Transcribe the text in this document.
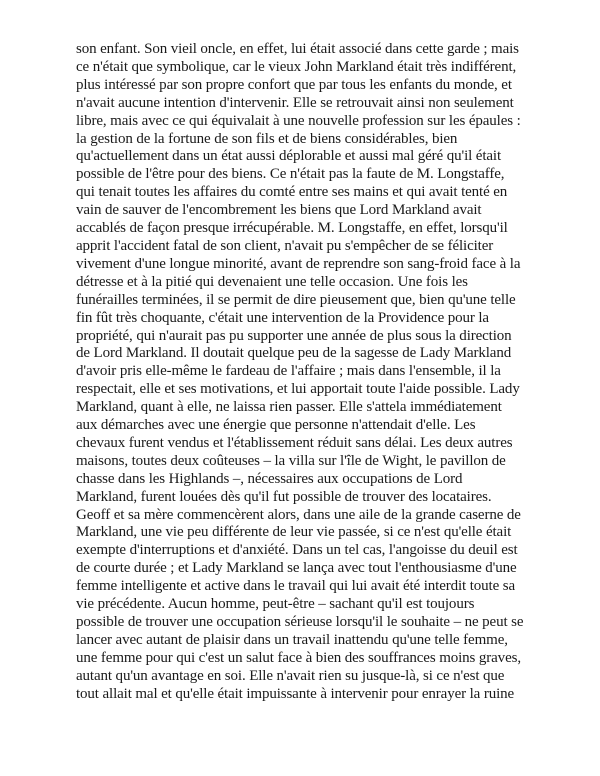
son enfant. Son vieil oncle, en effet, lui était associé dans cette garde ; mais
ce n'était que symbolique, car le vieux John Markland était très indifférent,
plus intéressé par son propre confort que par tous les enfants du monde, et
n'avait aucune intention d'intervenir. Elle se retrouvait ainsi non seulement
libre, mais avec ce qui équivalait à une nouvelle profession sur les épaules :
la gestion de la fortune de son fils et de biens considérables, bien
qu'actuellement dans un état aussi déplorable et aussi mal géré qu'il était
possible de l'être pour des biens. Ce n'était pas la faute de M. Longstaffe,
qui tenait toutes les affaires du comté entre ses mains et qui avait tenté en
vain de sauver de l'encombrement les biens que Lord Markland avait
accablés de façon presque irrécupérable. M. Longstaffe, en effet, lorsqu'il
apprit l'accident fatal de son client, n'avait pu s'empêcher de se féliciter
vivement d'une longue minorité, avant de reprendre son sang-froid face à la
détresse et à la pitié qui devenaient une telle occasion. Une fois les
funérailles terminées, il se permit de dire pieusement que, bien qu'une telle
fin fût très choquante, c'était une intervention de la Providence pour la
propriété, qui n'aurait pas pu supporter une année de plus sous la direction
de Lord Markland. Il doutait quelque peu de la sagesse de Lady Markland
d'avoir pris elle-même le fardeau de l'affaire ; mais dans l'ensemble, il la
respectait, elle et ses motivations, et lui apportait toute l'aide possible. Lady
Markland, quant à elle, ne laissa rien passer. Elle s'attela immédiatement
aux démarches avec une énergie que personne n'attendait d'elle. Les
chevaux furent vendus et l'établissement réduit sans délai. Les deux autres
maisons, toutes deux coûteuses – la villa sur l'île de Wight, le pavillon de
chasse dans les Highlands –, nécessaires aux occupations de Lord
Markland, furent louées dès qu'il fut possible de trouver des locataires.
Geoff et sa mère commencèrent alors, dans une aile de la grande caserne de
Markland, une vie peu différente de leur vie passée, si ce n'est qu'elle était
exempte d'interruptions et d'anxiété. Dans un tel cas, l'angoisse du deuil est
de courte durée ; et Lady Markland se lança avec tout l'enthousiasme d'une
femme intelligente et active dans le travail qui lui avait été interdit toute sa
vie précédente. Aucun homme, peut-être – sachant qu'il est toujours
possible de trouver une occupation sérieuse lorsqu'il le souhaite – ne peut se
lancer avec autant de plaisir dans un travail inattendu qu'une telle femme,
une femme pour qui c'est un salut face à bien des souffrances moins graves,
autant qu'un avantage en soi. Elle n'avait rien su jusque-là, si ce n'est que
tout allait mal et qu'elle était impuissante à intervenir pour enrayer la ruine
